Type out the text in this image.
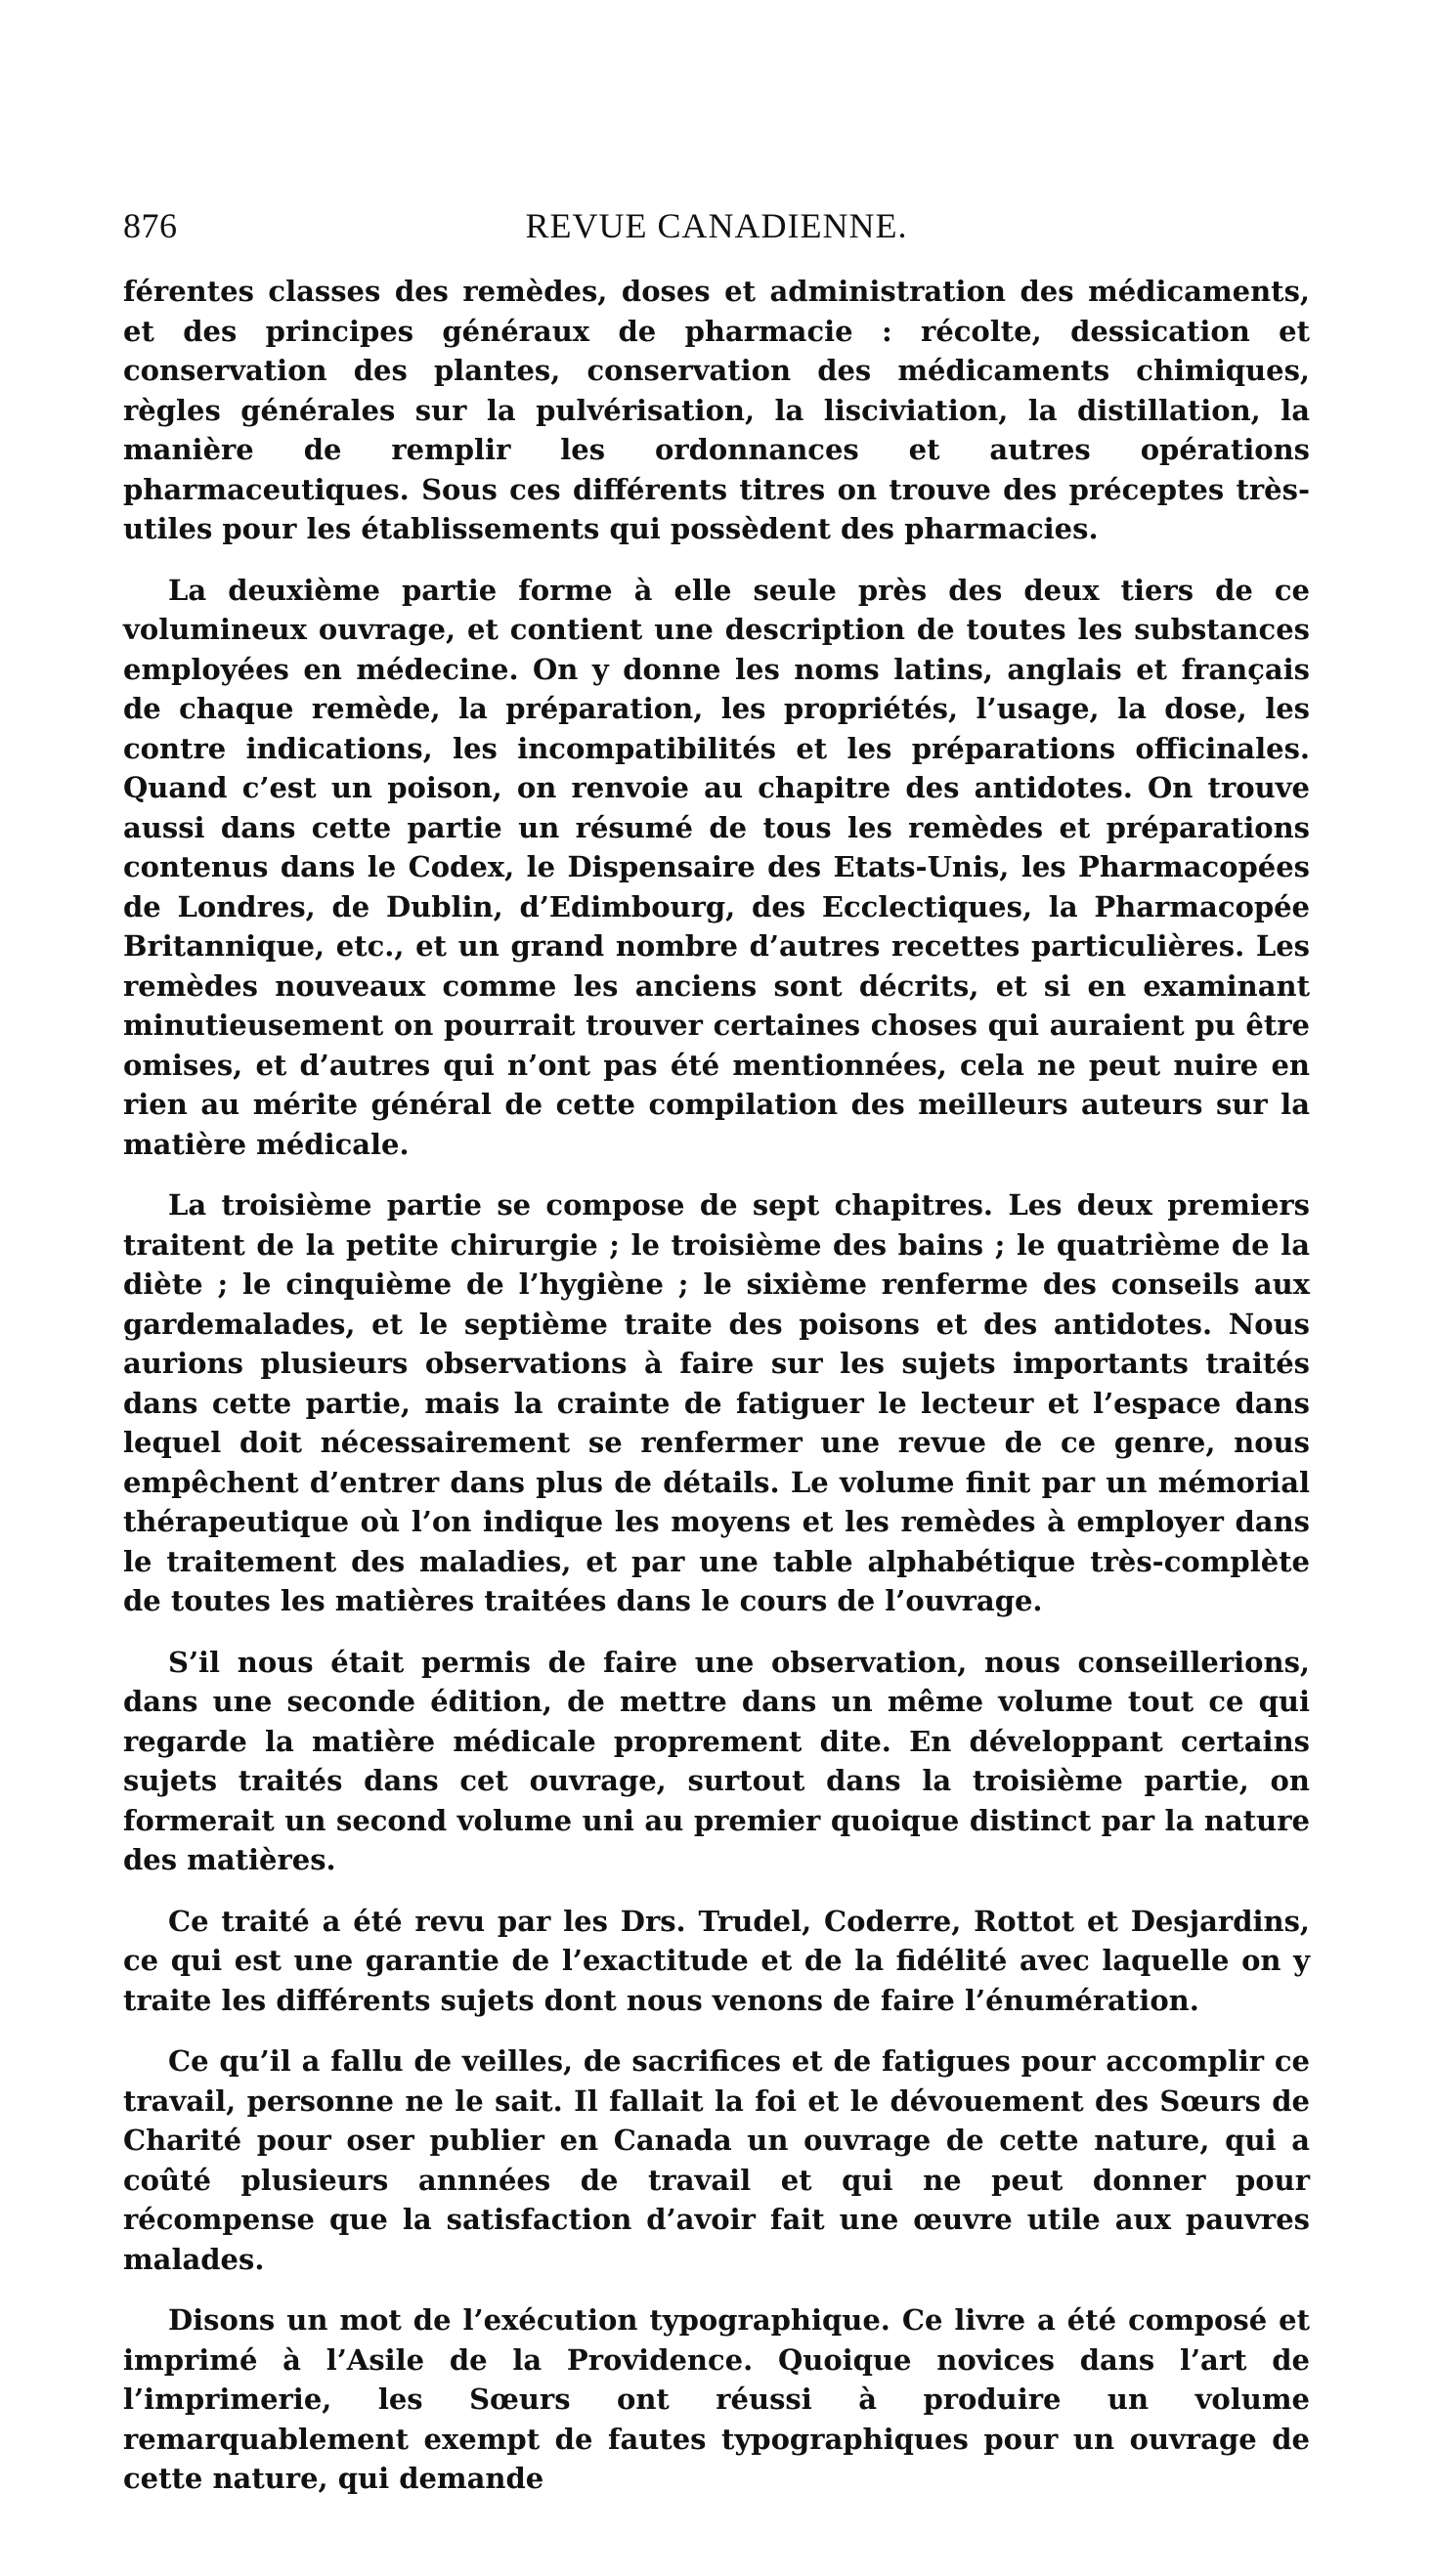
876	REVUE CANADIENNE.

férentes classes des remèdes, doses et administration des médicaments, et des principes généraux de pharmacie : récolte, dessication et conservation des plantes, conservation des médicaments chimiques, règles générales sur la pulvérisation, la lisciviation, la distillation, la manière de remplir les ordonnances et autres opérations pharmaceutiques. Sous ces différents titres on trouve des préceptes très-utiles pour les établissements qui possèdent des pharmacies.

La deuxième partie forme à elle seule près des deux tiers de ce volumineux ouvrage, et contient une description de toutes les substances employées en médecine. On y donne les noms latins, anglais et français de chaque remède, la préparation, les propriétés, l’usage, la dose, les contre indications, les incompatibilités et les préparations officinales. Quand c’est un poison, on renvoie au chapitre des antidotes. On trouve aussi dans cette partie un résumé de tous les remèdes et préparations contenus dans le Codex, le Dispensaire des Etats-Unis, les Pharmacopées de Londres, de Dublin, d’Edimbourg, des Ecclectiques, la Pharmacopée Britannique, etc., et un grand nombre d’autres recettes particulières. Les remèdes nouveaux comme les anciens sont décrits, et si en examinant minutieusement on pourrait trouver certaines choses qui auraient pu être omises, et d’autres qui n’ont pas été mentionnées, cela ne peut nuire en rien au mérite général de cette compilation des meilleurs auteurs sur la matière médicale.

La troisième partie se compose de sept chapitres. Les deux premiers traitent de la petite chirurgie ; le troisième des bains ; le quatrième de la diète ; le cinquième de l’hygiène ; le sixième renferme des conseils aux gardemalades, et le septième traite des poisons et des antidotes. Nous aurions plusieurs observations à faire sur les sujets importants traités dans cette partie, mais la crainte de fatiguer le lecteur et l’espace dans lequel doit nécessairement se renfermer une revue de ce genre, nous empêchent d’entrer dans plus de détails. Le volume finit par un mémorial thérapeutique où l’on indique les moyens et les remèdes à employer dans le traitement des maladies, et par une table alphabétique très-complète de toutes les matières traitées dans le cours de l’ouvrage.

S’il nous était permis de faire une observation, nous conseillerions, dans une seconde édition, de mettre dans un même volume tout ce qui regarde la matière médicale proprement dite. En développant certains sujets traités dans cet ouvrage, surtout dans la troisième partie, on formerait un second volume uni au premier quoique distinct par la nature des matières.

Ce traité a été revu par les Drs. Trudel, Coderre, Rottot et Desjardins, ce qui est une garantie de l’exactitude et de la fidélité avec laquelle on y traite les différents sujets dont nous venons de faire l’énumération.

Ce qu’il a fallu de veilles, de sacrifices et de fatigues pour accomplir ce travail, personne ne le sait. Il fallait la foi et le dévouement des Sœurs de Charité pour oser publier en Canada un ouvrage de cette nature, qui a coûté plusieurs annnées de travail et qui ne peut donner pour récompense que la satisfaction d’avoir fait une œuvre utile aux pauvres malades.

Disons un mot de l’exécution typographique. Ce livre a été composé et imprimé à l’Asile de la Providence. Quoique novices dans l’art de l’imprimerie, les Sœurs ont réussi à produire un volume remarquablement exempt de fautes typographiques pour un ouvrage de cette nature, qui demande
